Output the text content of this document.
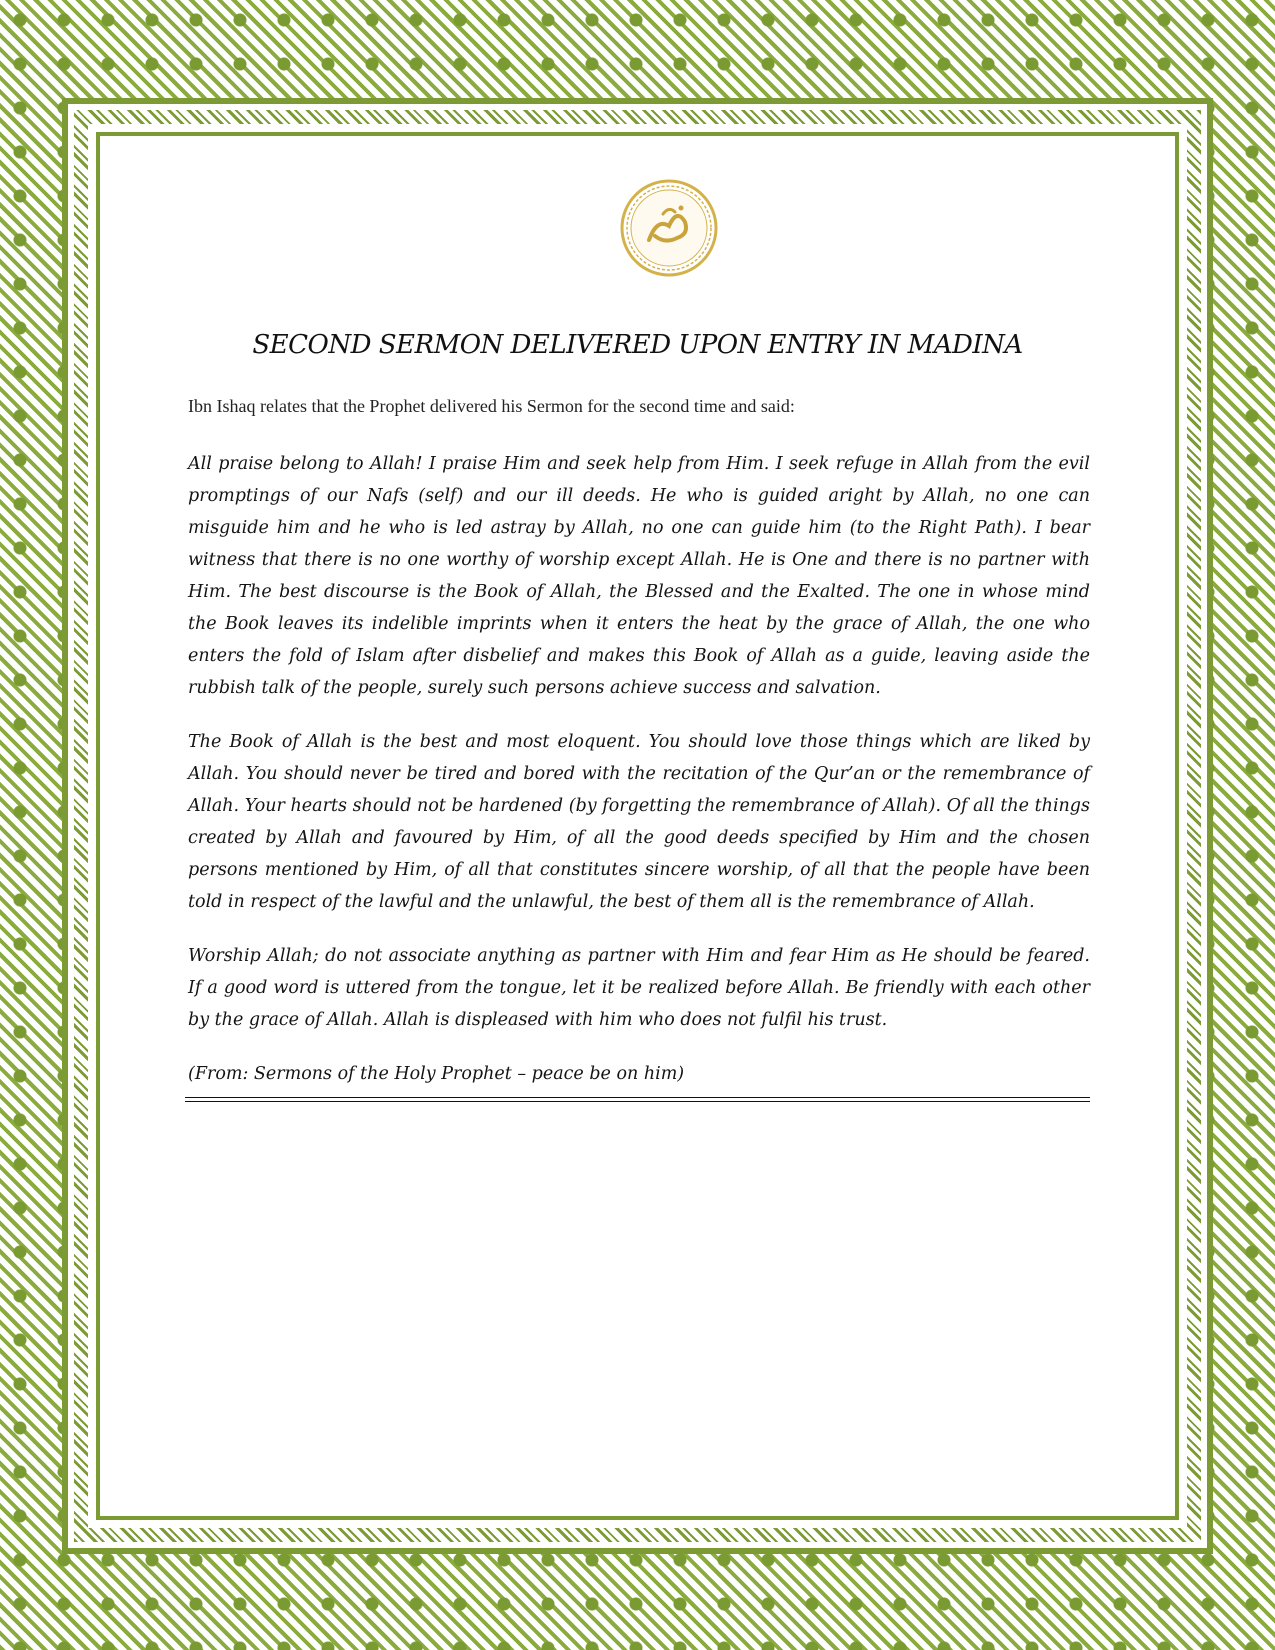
SECOND SERMON DELIVERED UPON ENTRY IN MADINA

Ibn Ishaq relates that the Prophet delivered his Sermon for the second time and said:

All praise belong to Allah! I praise Him and seek help from Him. I seek refuge in Allah from the evil promptings of our Nafs (self) and our ill deeds. He who is guided aright by Allah, no one can misguide him and he who is led astray by Allah, no one can guide him (to the Right Path). I bear witness that there is no one worthy of worship except Allah. He is One and there is no partner with Him. The best discourse is the Book of Allah, the Blessed and the Exalted. The one in whose mind the Book leaves its indelible imprints when it enters the heat by the grace of Allah, the one who enters the fold of Islam after disbelief and makes this Book of Allah as a guide, leaving aside the rubbish talk of the people, surely such persons achieve success and salvation.

The Book of Allah is the best and most eloquent. You should love those things which are liked by Allah. You should never be tired and bored with the recitation of the Qur’an or the remembrance of Allah. Your hearts should not be hardened (by forgetting the remembrance of Allah). Of all the things created by Allah and favoured by Him, of all the good deeds specified by Him and the chosen persons mentioned by Him, of all that constitutes sincere worship, of all that the people have been told in respect of the lawful and the unlawful, the best of them all is the remembrance of Allah.

Worship Allah; do not associate anything as partner with Him and fear Him as He should be feared. If a good word is uttered from the tongue, let it be realized before Allah. Be friendly with each other by the grace of Allah. Allah is displeased with him who does not fulfil his trust.

(From: Sermons of the Holy Prophet – peace be on him)
